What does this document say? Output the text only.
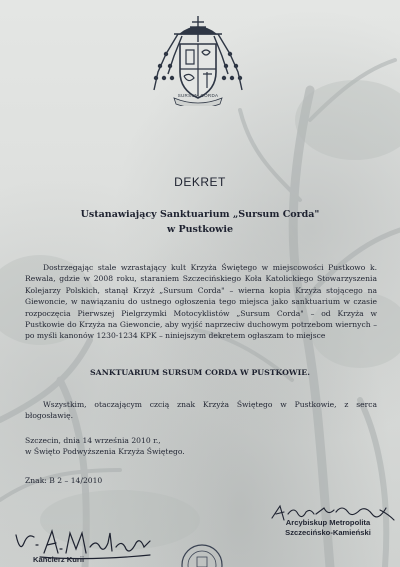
SURSUM CORDA
DEKRET
Ustanawiający Sanktuarium „Sursum Corda"
w Pustkowie
Dostrzegając stale wzrastający kult Krzyża Świętego w miejscowości Pustkowo k. Rewala, gdzie w 2008 roku, staraniem Szczecińskiego Koła Katolickiego Stowarzyszenia Kolejarzy Polskich, stanął Krzyż „Sursum Corda" – wierna kopia Krzyża stojącego na Giewoncie, w nawiązaniu do ustnego ogłoszenia tego miejsca jako sanktuarium w czasie rozpoczęcia Pierwszej Pielgrzymki Motocyklistów „Sursum Corda" – od Krzyża w Pustkowie do Krzyża na Giewoncie, aby wyjść naprzeciw duchowym potrzebom wiernych – po myśli kanonów 1230-1234 KPK – niniejszym dekretem ogłaszam to miejsce
SANKTUARIUM SURSUM CORDA W PUSTKOWIE.
Wszystkim, otaczającym czcią znak Krzyża Świętego w Pustkowie, z serca błogosławię.
Szczecin, dnia 14 września 2010 r.,
w Święto Podwyższenia Krzyża Świętego.
Znak: B 2 – 14/2010
Arcybiskup Metropolita
Szczecińsko-Kamieński
Kanclerz Kurii
